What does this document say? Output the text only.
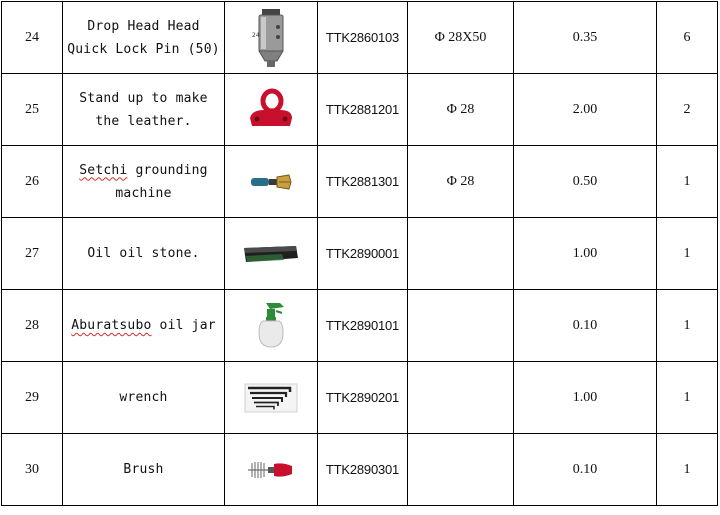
24	Drop Head Head Quick Lock Pin (50)	24	TTK2860103	Φ 28X50	0.35	6
25	Stand up to make the leather.		TTK2881201	Φ 28	2.00	2
26	Setchi grounding machine		TTK2881301	Φ 28	0.50	1
27	Oil oil stone.		TTK2890001		1.00	1
28	Aburatsubo oil jar		TTK2890101		0.10	1
29	wrench		TTK2890201		1.00	1
30	Brush		TTK2890301		0.10	1
